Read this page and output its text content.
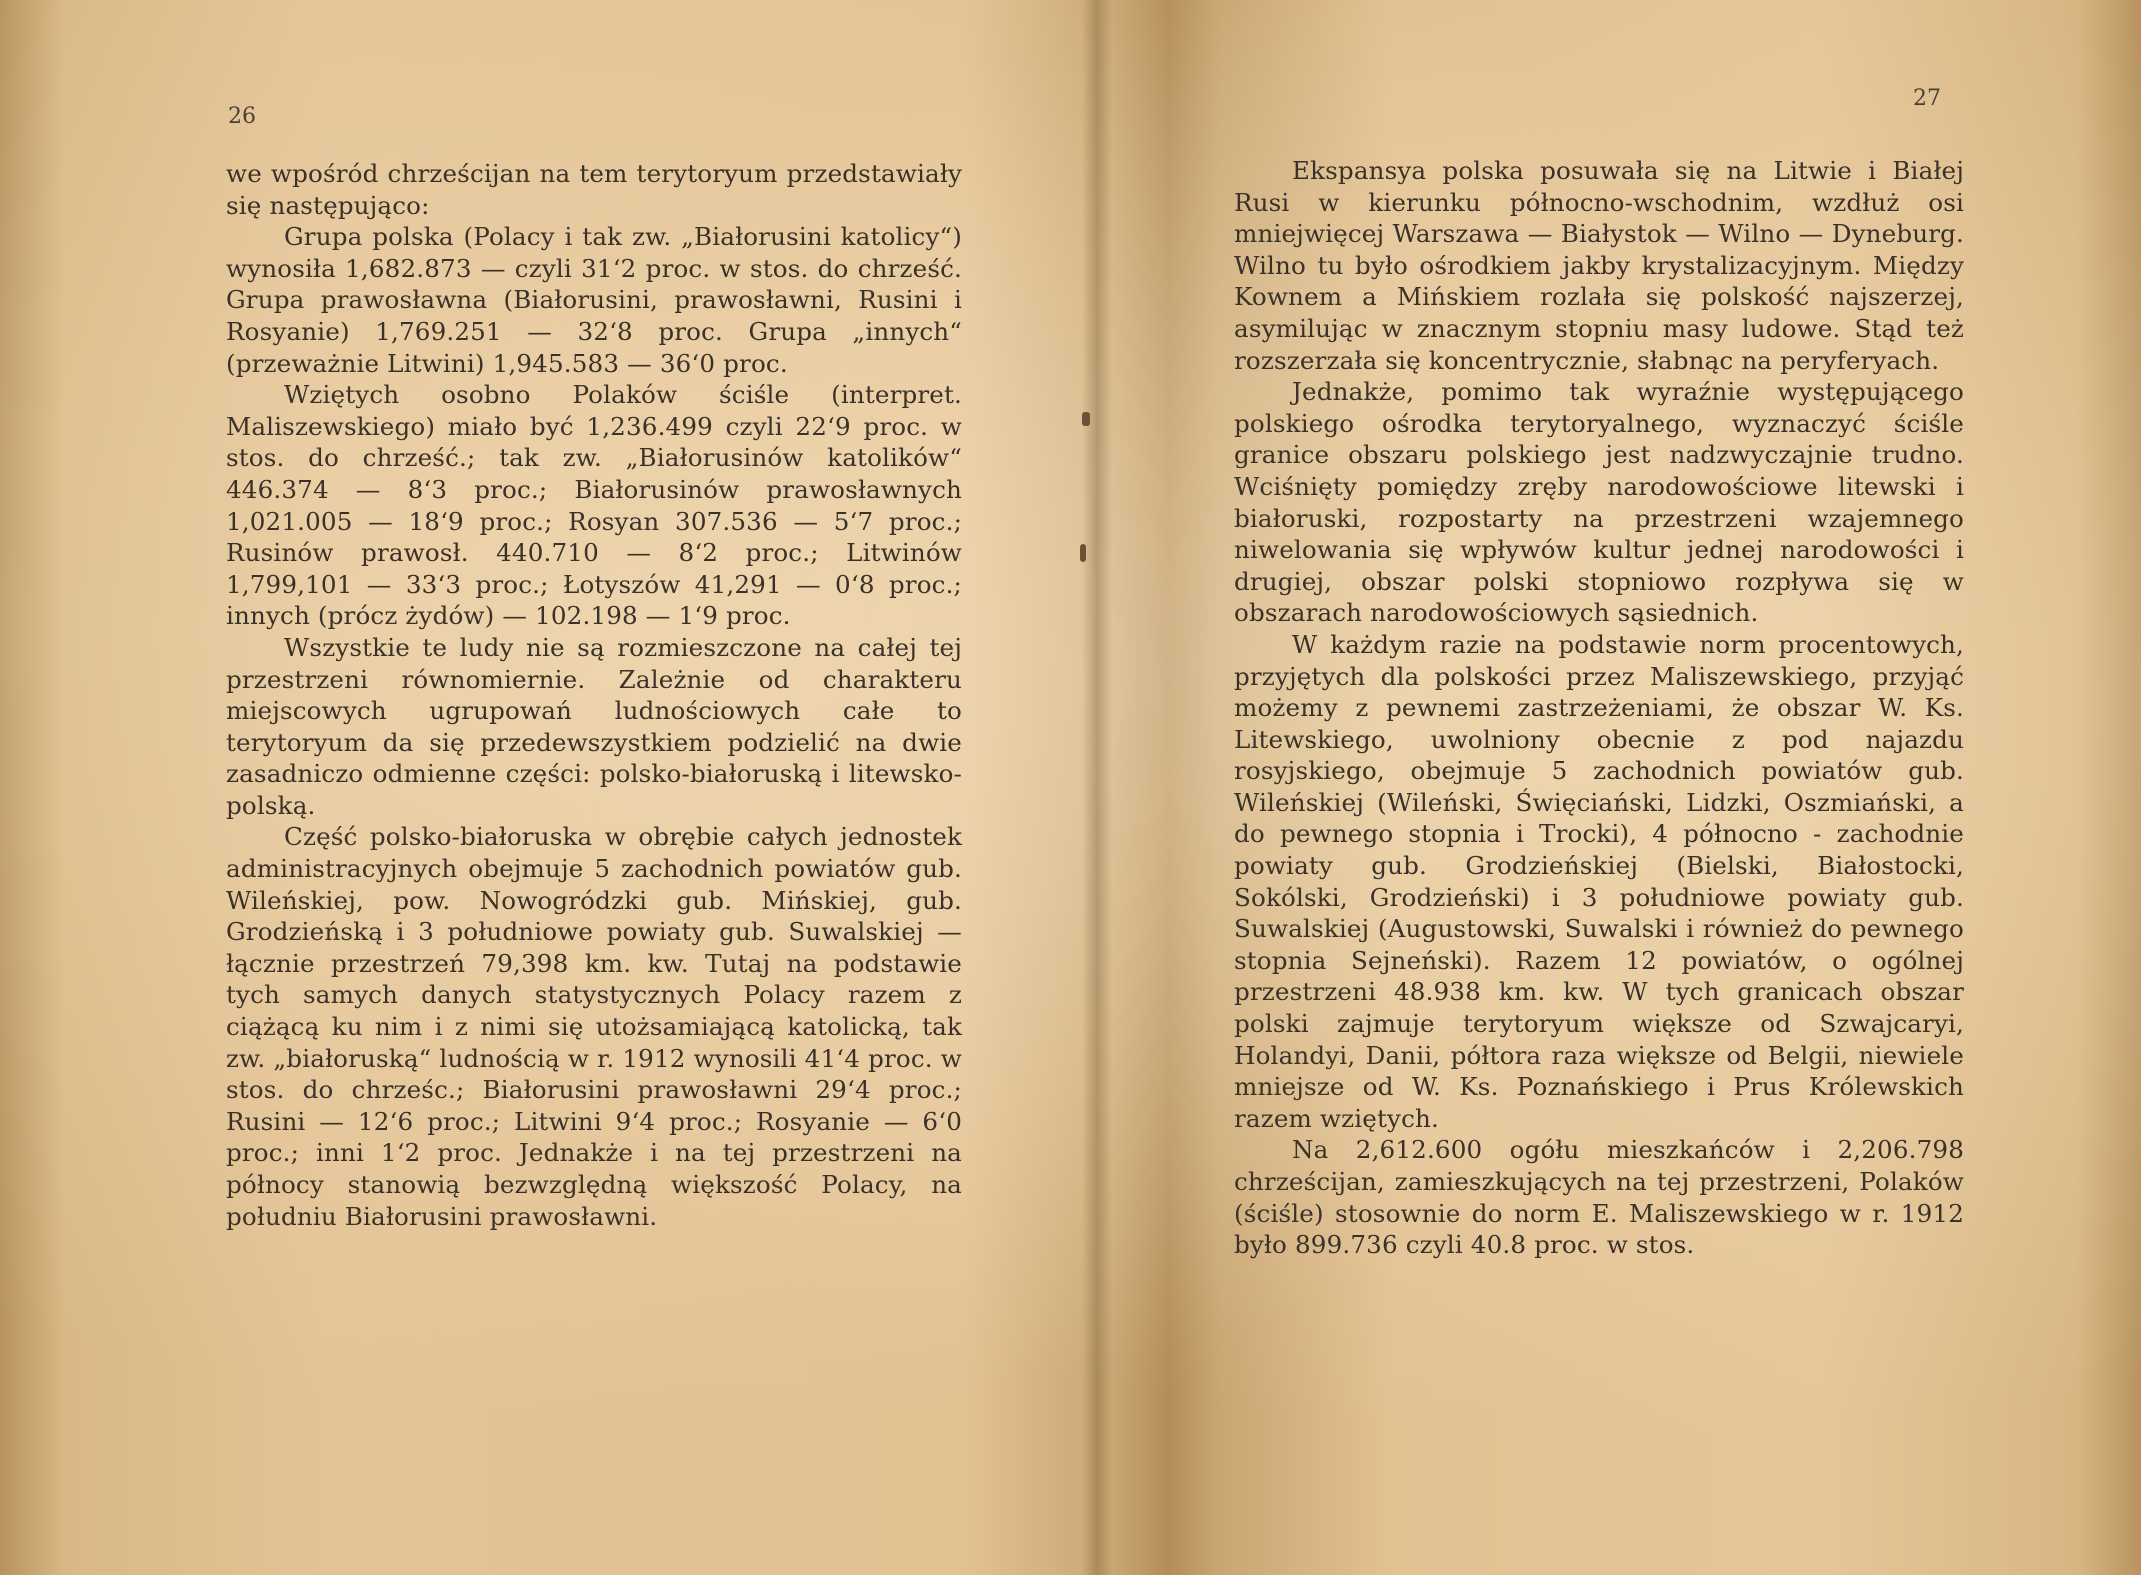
26

we wpośród chrześcijan na tem terytoryum przedstawiały się następująco:

Grupa polska (Polacy i tak zw. „Białorusini katolicy“) wynosiła 1,682.873 — czyli 31‘2 proc. w stos. do chrześć. Grupa prawosławna (Białorusini, prawosławni, Rusini i Rosyanie) 1,769.251 — 32‘8 proc. Grupa „innych“ (przeważnie Litwini) 1,945.583 — 36‘0 proc.

Wziętych osobno Polaków ściśle (interpret. Maliszewskiego) miało być 1,236.499 czyli 22‘9 proc. w stos. do chrześć.; tak zw. „Białorusinów katolików“ 446.374 — 8‘3 proc.; Białorusinów prawosławnych 1,021.005 — 18‘9 proc.; Rosyan 307.536 — 5‘7 proc.; Rusinów prawosł. 440.710 — 8‘2 proc.; Litwinów 1,799,101 — 33‘3 proc.; Łotyszów 41,291 — 0‘8 proc.; innych (prócz żydów) — 102.198 — 1‘9 proc.

Wszystkie te ludy nie są rozmieszczone na całej tej przestrzeni równomiernie. Zależnie od charakteru miejscowych ugrupowań ludnościowych całe to terytoryum da się przedewszystkiem podzielić na dwie zasadniczo odmienne części: polsko-białoruską i litewsko-polską.

Część polsko-białoruska w obrębie całych jednostek administracyjnych obejmuje 5 zachodnich powiatów gub. Wileńskiej, pow. Nowogródzki gub. Mińskiej, gub. Grodzieńską i 3 południowe powiaty gub. Suwalskiej — łącznie przestrzeń 79,398 km. kw. Tutaj na podstawie tych samych danych statystycznych Polacy razem z ciążącą ku nim i z nimi się utożsamiającą katolicką, tak zw. „białoruską“ ludnością w r. 1912 wynosili 41‘4 proc. w stos. do chrześc.; Białorusini prawosławni 29‘4 proc.; Rusini — 12‘6 proc.; Litwini 9‘4 proc.; Rosyanie — 6‘0 proc.; inni 1‘2 proc. Jednakże i na tej przestrzeni na północy stanowią bezwzględną większość Polacy, na południu Białorusini prawosławni.

27

Ekspansya polska posuwała się na Litwie i Białej Rusi w kierunku północno-wschodnim, wzdłuż osi mniejwięcej Warszawa — Białystok — Wilno — Dyneburg. Wilno tu było ośrodkiem jakby krystalizacyjnym. Między Kownem a Mińskiem rozlała się polskość najszerzej, asymilując w znacznym stopniu masy ludowe. Stąd też rozszerzała się koncentrycznie, słabnąc na peryferyach.

Jednakże, pomimo tak wyraźnie występującego polskiego ośrodka terytoryalnego, wyznaczyć ściśle granice obszaru polskiego jest nadzwyczajnie trudno. Wciśnięty pomiędzy zręby narodowościowe litewski i białoruski, rozpostarty na przestrzeni wzajemnego niwelowania się wpływów kultur jednej narodowości i drugiej, obszar polski stopniowo rozpływa się w obszarach narodowościowych sąsiednich.

W każdym razie na podstawie norm procentowych, przyjętych dla polskości przez Maliszewskiego, przyjąć możemy z pewnemi zastrzeżeniami, że obszar W. Ks. Litewskiego, uwolniony obecnie z pod najazdu rosyjskiego, obejmuje 5 zachodnich powiatów gub. Wileńskiej (Wileński, Święciański, Lidzki, Oszmiański, a do pewnego stopnia i Trocki), 4 północno - zachodnie powiaty gub. Grodzieńskiej (Bielski, Białostocki, Sokólski, Grodzieński) i 3 południowe powiaty gub. Suwalskiej (Augustowski, Suwalski i również do pewnego stopnia Sejneński). Razem 12 powiatów, o ogólnej przestrzeni 48.938 km. kw. W tych granicach obszar polski zajmuje terytoryum większe od Szwajcaryi, Holandyi, Danii, półtora raza większe od Belgii, niewiele mniejsze od W. Ks. Poznańskiego i Prus Królewskich razem wziętych.

Na 2,612.600 ogółu mieszkańców i 2,206.798 chrześcijan, zamieszkujących na tej przestrzeni, Polaków (ściśle) stosownie do norm E. Maliszewskiego w r. 1912 było 899.736 czyli 40.8 proc. w stos.
